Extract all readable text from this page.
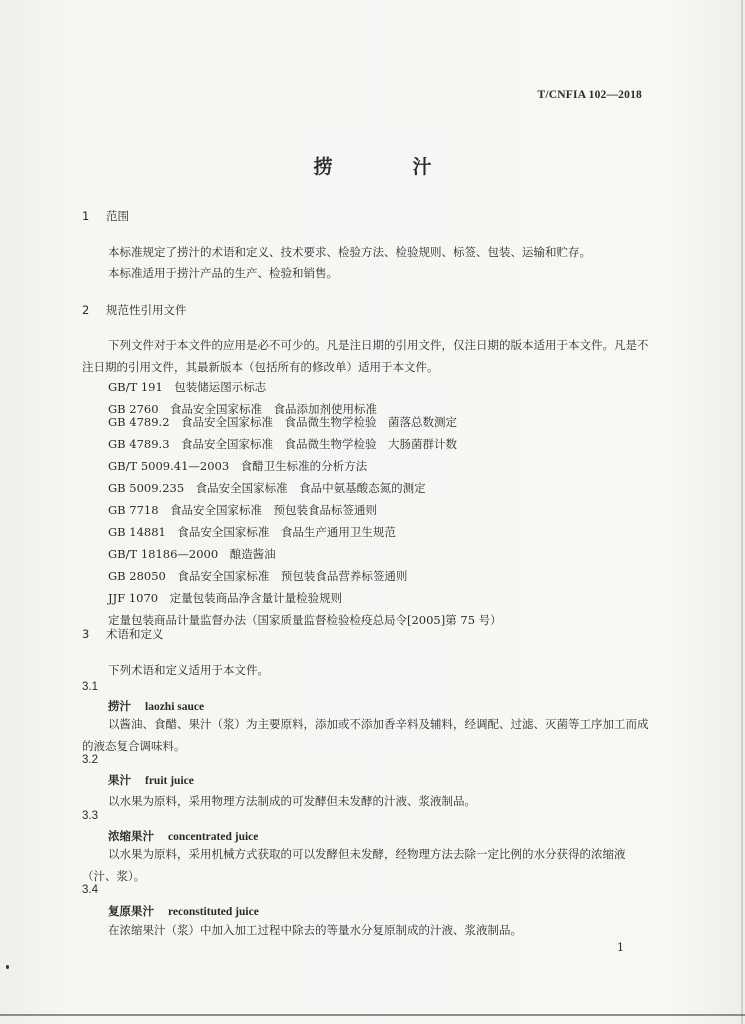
T/CNFIA 102—2018
捞	汁
1 范围
本标准规定了捞汁的术语和定义、技术要求、检验方法、检验规则、标签、包装、运输和贮存。
本标准适用于捞汁产品的生产、检验和销售。
2 规范性引用文件
下列文件对于本文件的应用是必不可少的。凡是注日期的引用文件，仅注日期的版本适用于本文件。凡是不注日期的引用文件，其最新版本（包括所有的修改单）适用于本文件。
GB/T 191　包装储运图示标志
GB 2760　食品安全国家标准　食品添加剂使用标准
GB 4789.2　食品安全国家标准　食品微生物学检验　菌落总数测定
GB 4789.3　食品安全国家标准　食品微生物学检验　大肠菌群计数
GB/T 5009.41—2003　食醋卫生标准的分析方法
GB 5009.235　食品安全国家标准　食品中氨基酸态氮的测定
GB 7718　食品安全国家标准　预包装食品标签通则
GB 14881　食品安全国家标准　食品生产通用卫生规范
GB/T 18186—2000　酿造酱油
GB 28050　食品安全国家标准　预包装食品营养标签通则
JJF 1070　定量包装商品净含量计量检验规则
定量包装商品计量监督办法（国家质量监督检验检疫总局令[2005]第 75 号）
3 术语和定义
下列术语和定义适用于本文件。
3.1
捞汁 laozhi sauce
以酱油、食醋、果汁（浆）为主要原料，添加或不添加香辛料及辅料，经调配、过滤、灭菌等工序加工而成的液态复合调味料。
3.2
果汁 fruit juice
以水果为原料，采用物理方法制成的可发酵但未发酵的汁液、浆液制品。
3.3
浓缩果汁 concentrated juice
以水果为原料，采用机械方式获取的可以发酵但未发酵，经物理方法去除一定比例的水分获得的浓缩液（汁、浆）。
3.4
复原果汁 reconstituted juice
在浓缩果汁（浆）中加入加工过程中除去的等量水分复原制成的汁液、浆液制品。
1
